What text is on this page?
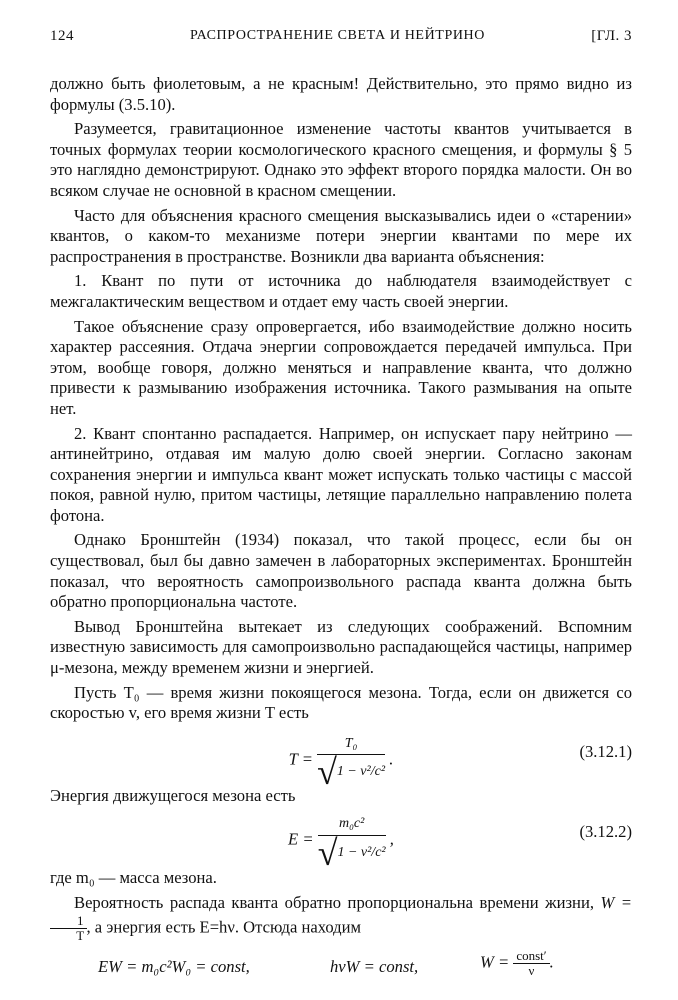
124	РАСПРОСТРАНЕНИЕ СВЕТА И НЕЙТРИНО	[ГЛ. 3

должно быть фиолетовым, а не красным! Действительно, это прямо видно из формулы (3.5.10).

Разумеется, гравитационное изменение частоты квантов учитывается в точных формулах теории космологического красного смещения, и формулы § 5 это наглядно демонстрируют. Однако это эффект второго порядка малости. Он во всяком случае не основной в красном смещении.

Часто для объяснения красного смещения высказывались идеи о «старении» квантов, о каком-то механизме потери энергии квантами по мере их распространения в пространстве. Возникли два варианта объяснения:

1. Квант по пути от источника до наблюдателя взаимодействует с межгалактическим веществом и отдает ему часть своей энергии.

Такое объяснение сразу опровергается, ибо взаимодействие должно носить характер рассеяния. Отдача энергии сопровождается передачей импульса. При этом, вообще говоря, должно меняться и направление кванта, что должно привести к размыванию изображения источника. Такого размывания на опыте нет.

2. Квант спонтанно распадается. Например, он испускает пару нейтрино — антинейтрино, отдавая им малую долю своей энергии. Согласно законам сохранения энергии и импульса квант может испускать только частицы с массой покоя, равной нулю, притом частицы, летящие параллельно направлению полета фотона.

Однако Бронштейн (1934) показал, что такой процесс, если бы он существовал, был бы давно замечен в лабораторных экспериментах. Бронштейн показал, что вероятность самопроизвольного распада кванта должна быть обратно пропорциональна частоте.

Вывод Бронштейна вытекает из следующих соображений. Вспомним известную зависимость для самопроизвольно распадающейся частицы, например μ-мезона, между временем жизни и энергией.

Пусть T₀ — время жизни покоящегося мезона. Тогда, если он движется со скоростью v, его время жизни T есть

$T = \frac{\text{T₀}}{\text{√1 − v²/c²}}$ .	(3.12.1)

Энергия движущегося мезона есть

$E = \frac{\text{m₀c²}}{\text{√1 − v²/c²}}$ ,	(3.12.2)

где m₀ — масса мезона.

Вероятность распада кванта обратно пропорциональна времени жизни, W =
$\frac{1}{T}$ , а энергия есть E=hν. Отсюда находим

EW = m₀c²W₀ = const,	hνW = const,	W = const′
ν .
